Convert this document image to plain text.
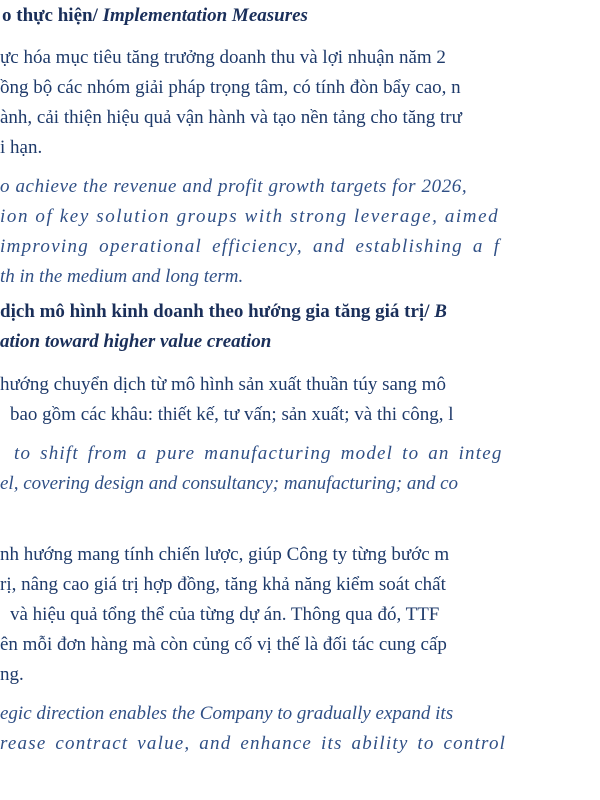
o thực hiện/ Implementation Measures
ực hóa mục tiêu tăng trưởng doanh thu và lợi nhuận năm 2
ồng bộ các nhóm giải pháp trọng tâm, có tính đòn bẩy cao, n
ành, cải thiện hiệu quả vận hành và tạo nền tảng cho tăng trư
i hạn.
o achieve the revenue and profit growth targets for 2026,
ion of key solution groups with strong leverage, aimed
improving operational efficiency, and establishing a f
th in the medium and long term.
dịch mô hình kinh doanh theo hướng gia tăng giá trị/ B
ation toward higher value creation
hướng chuyển dịch từ mô hình sản xuất thuần túy sang mô
bao gồm các khâu: thiết kế, tư vấn; sản xuất; và thi công, l
to shift from a pure manufacturing model to an integ
el, covering design and consultancy; manufacturing; and co
nh hướng mang tính chiến lược, giúp Công ty từng bước m
rị, nâng cao giá trị hợp đồng, tăng khả năng kiểm soát chất
và hiệu quả tổng thể của từng dự án. Thông qua đó, TTF
ên mỗi đơn hàng mà còn củng cố vị thế là đối tác cung cấp
ng.
egic direction enables the Company to gradually expand its
rease contract value, and enhance its ability to control
